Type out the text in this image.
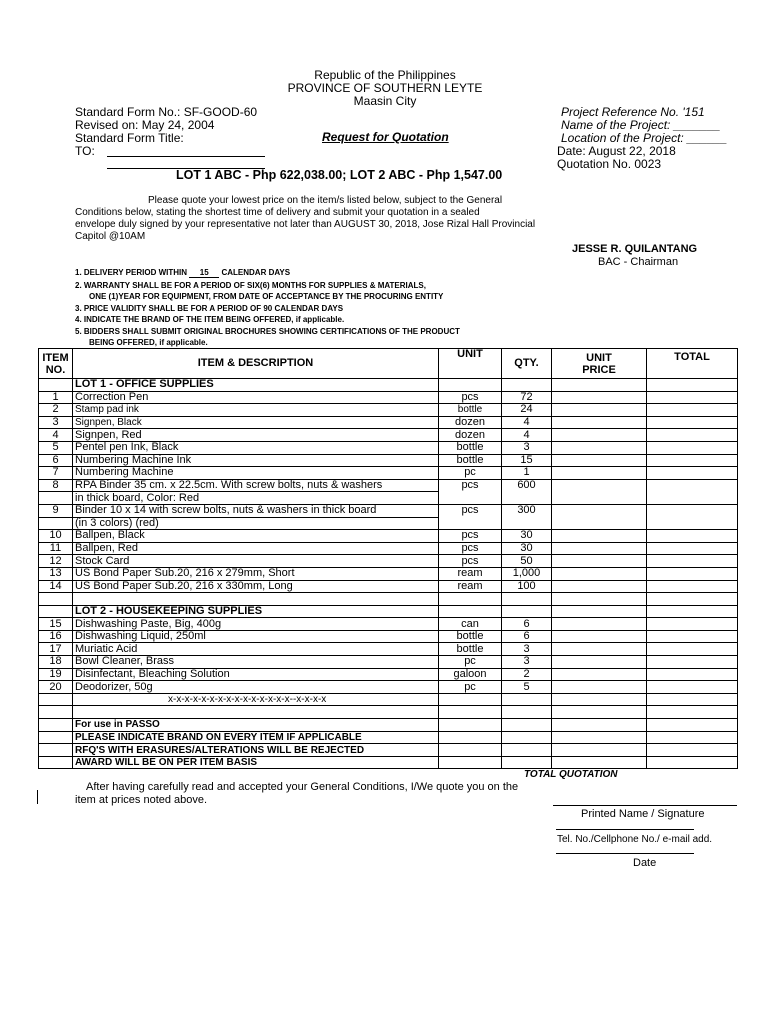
Republic of the Philippines
PROVINCE OF SOUTHERN LEYTE
Maasin City
Standard Form No.: SF-GOOD-60
Revised on: May 24, 2004
Standard Form Title:
TO:
Request for Quotation
Project Reference No. '151
Name of the Project: _______
Location of the Project: ______
Date: August 22, 2018
Quotation No. 0023
LOT 1 ABC - Php 622,038.00; LOT 2 ABC - Php 1,547.00
Please quote your lowest price on the item/s listed below, subject to the General
Conditions below, stating the shortest time of delivery and submit your quotation in a sealed
envelope duly signed by your representative not later than AUGUST 30, 2018, Jose Rizal Hall Provincial
Capitol @10AM
JESSE R. QUILANTANG
BAC - Chairman
1. DELIVERY PERIOD WITHIN 15 CALENDAR DAYS
2. WARRANTY SHALL BE FOR A PERIOD OF SIX(6) MONTHS FOR SUPPLIES & MATERIALS,
ONE (1)YEAR FOR EQUIPMENT, FROM DATE OF ACCEPTANCE BY THE PROCURING ENTITY
3. PRICE VALIDITY SHALL BE FOR A PERIOD OF 90 CALENDAR DAYS
4. INDICATE THE BRAND OF THE ITEM BEING OFFERED, if applicable.
5. BIDDERS SHALL SUBMIT ORIGINAL BROCHURES SHOWING CERTIFICATIONS OF THE PRODUCT
BEING OFFERED, if applicable.
ITEM
NO.	ITEM & DESCRIPTION	UNIT	QTY.	UNIT
PRICE	TOTAL
	LOT 1 - OFFICE SUPPLIES				
1	Correction Pen	pcs	72		
2	Stamp pad ink	bottle	24		
3	Signpen, Black	dozen	4		
4	Signpen, Red	dozen	4		
5	Pentel pen Ink, Black	bottle	3		
6	Numbering Machine Ink	bottle	15		
7	Numbering Machine	pc	1		
8	RPA Binder 35 cm. x 22.5cm. With screw bolts, nuts & washers	pcs	600		
	in thick board, Color: Red				
9	Binder 10 x 14 with screw bolts, nuts & washers in thick board	pcs	300		
	(in 3 colors) (red)				
10	Ballpen, Black	pcs	30		
11	Ballpen, Red	pcs	30		
12	Stock Card	pcs	50		
13	US Bond Paper Sub.20, 216 x 279mm, Short	ream	1,000		
14	US Bond Paper Sub.20, 216 x 330mm, Long	ream	100		

	LOT 2 - HOUSEKEEPING SUPPLIES				
15	Dishwashing Paste, Big, 400g	can	6		
16	Dishwashing Liquid, 250ml	bottle	6		
17	Muriatic Acid	bottle	3		
18	Bowl Cleaner, Brass	pc	3		
19	Disinfectant, Bleaching Solution	galoon	2		
20	Deodorizer, 50g	pc	5		
	x-x-x-x-x-x-x-x-x-x-x-x-x-x-x--x-x-x-x				

	For use in PASSO				
	PLEASE INDICATE BRAND ON EVERY ITEM IF APPLICABLE				
	RFQ'S WITH ERASURES/ALTERATIONS WILL BE REJECTED				
	AWARD WILL BE ON PER ITEM BASIS				
TOTAL QUOTATION
After having carefully read and accepted your General Conditions, I/We quote you on the
item at prices noted above.
Printed Name / Signature
Tel. No./Cellphone No./ e-mail add.
Date
